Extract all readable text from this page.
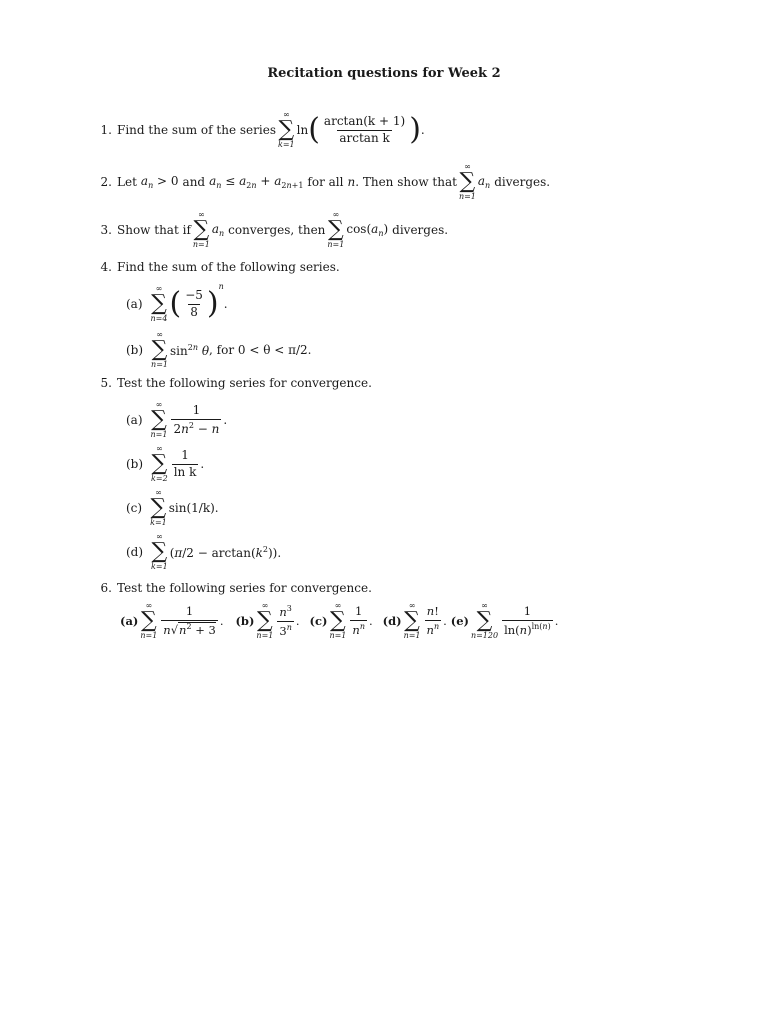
Recitation questions for Week 2
1. Find the sum of the series
∞
∑
k=1
ln ( $\frac{\arctan(k + 1)}{\text{arctan k}}$ ) .
2. Let $a_n > 0$ and $a_n \le a_{2n} + a_{2n+1}$ for all n . Then show that
∞
∑
n=1
$a_n$ diverges.
3. Show that if
∞
∑
n=1
$a_n$ converges, then
∞
∑
n=1
$\cos(a_n)$ diverges.
4. Find the sum of the following series.
(a)
∞
∑
n=4 ( $\frac{-5}{8}$ ) n
.
(b)
∞
∑
n=1
$\sin^{2n} \theta$ , for 0 < θ < π/2.
5. Test the following series for convergence.
(a)
∞
∑
$n=1 \frac{1}{2n^2 - n}$ .
(b)
∞
∑
$k=2 \frac{1}{\text{ln k}}$ .
(c)
∞
∑
k=1
sin(1/k).
(d)
∞
∑
k=1
$(\pi/2 - \arctan(k^2))$.
6. Test the following series for convergence.
(a)
∞
∑
$n=1 \frac{1}{n√n^2 + 3}$ . (b)
∞
∑
$n=1 \frac{n^3}{3^n}$ . (c)
∞
∑
$n=1 \frac{1}{n^n}$ . (d)
∞
∑
$n=1 \frac{n!}{n^n}$ . (e)
∞
∑
$n=120 \frac{1}{\ln(n)^{ln(n)}}$ .
